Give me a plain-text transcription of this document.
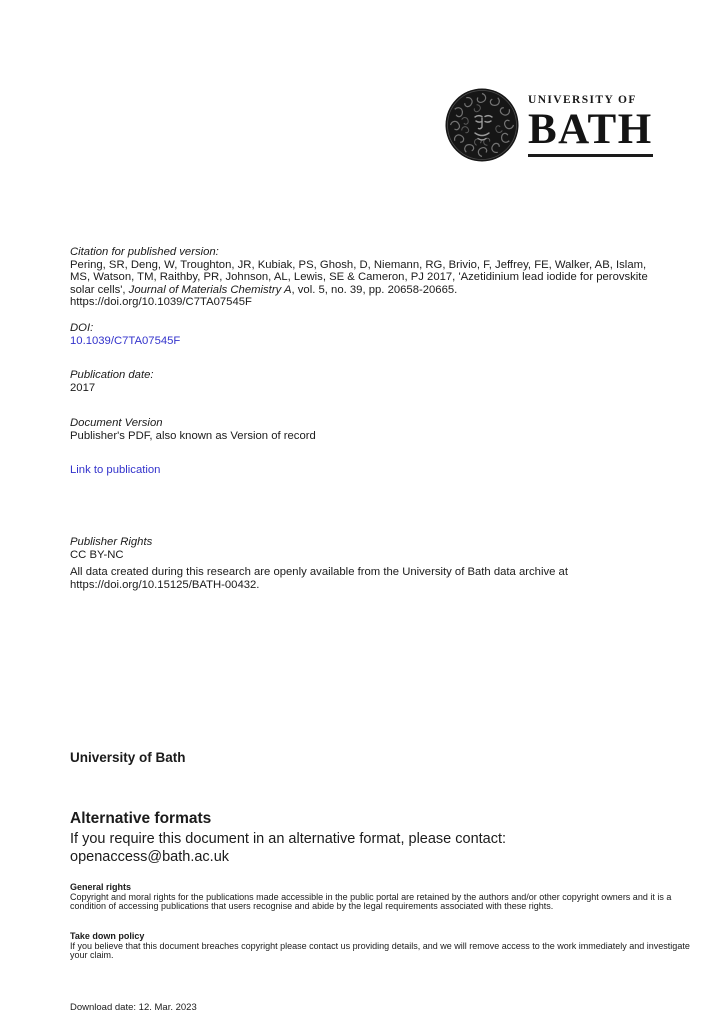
UNIVERSITY OF
BATH
Citation for published version:

Pering, SR, Deng, W, Troughton, JR, Kubiak, PS, Ghosh, D, Niemann, RG, Brivio, F, Jeffrey, FE, Walker, AB, Islam, MS, Watson, TM, Raithby, PR, Johnson, AL, Lewis, SE & Cameron, PJ 2017, 'Azetidinium lead iodide for perovskite solar cells', Journal of Materials Chemistry A, vol. 5, no. 39, pp. 20658-20665.

https://doi.org/10.1039/C7TA07545F
DOI:
10.1039/C7TA07545F
Publication date:
2017
Document Version
Publisher's PDF, also known as Version of record
Link to publication
Publisher Rights
CC BY-NC
All data created during this research are openly available from the University of Bath data archive at https://doi.org/10.15125/BATH-00432.
University of Bath
Alternative formats
If you require this document in an alternative format, please contact:
openaccess@bath.ac.uk
General rights
Copyright and moral rights for the publications made accessible in the public portal are retained by the authors and/or other copyright owners and it is a condition of accessing publications that users recognise and abide by the legal requirements associated with these rights.
Take down policy
If you believe that this document breaches copyright please contact us providing details, and we will remove access to the work immediately and investigate your claim.
Download date: 12. Mar. 2023
